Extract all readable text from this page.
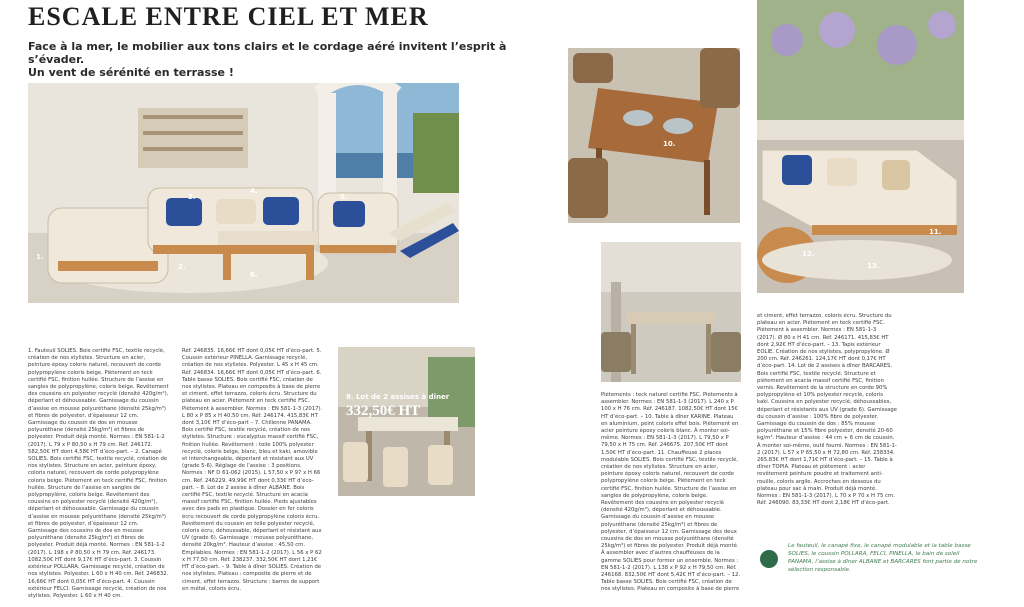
ESCALE ENTRE CIEL ET MER

Face à la mer, le mobilier aux tons clairs et le cordage aéré invitent l’esprit à s’évader.

Un vent de sérénité en terrasse !

1.
2.
3.
4.
5.
6.
8. Lot de 2 assises à dîner
332,50€ HT
10.
11.
12.
13.

1. Fauteuil SOLIES. Bois certifié FSC, textile recyclé, création de nos stylistes. Structure en acier, peinture époxy coloris naturel, recouvert de corde polypropylène coloris beige. Piètement en teck certifié FSC, finition huilée. Structure de l’assise en sangles de polypropylène, coloris beige. Revêtement des coussins en polyester recyclé (densité 420g/m²), déperlant et déhoussable. Garnissage du coussin d’assise en mousse polyuréthane (densité 25kg/m³) et fibres de polyester, d’épaisseur 12 cm. Garnissage du coussin de dos en mousse polyuréthane (densité 25kg/m³) et fibres de polyester. Produit déjà monté. Normes : EN 581-1-2 (2017). L 79 x P 80,50 x H 79 cm. Réf. 246172. 582,50€ HT dont 4,58€ HT d’éco-part. – 2. Canapé SOLIES. Bois certifié FSC, textile recyclé, création de nos stylistes. Structure en acier, peinture époxy, coloris naturel, recouvert de corde polypropylène coloris beige. Piètement en teck certifié FSC, finition huilée. Structure de l’assise en sangles de polypropylène, coloris beige. Revêtement des coussins en polyester recyclé (densité 420g/m²), déperlant et déhoussable. Garnissage du coussin d’assise en mousse polyuréthane (densité 25kg/m³) et fibres de polyester, d’épaisseur 12 cm. Garnissage des coussins de dos en mousse polyuréthane (densité 25kg/m³) et fibres de polyester. Produit déjà monté. Normes : EN 581-1-2 (2017). L 198 x P 80,50 x H 79 cm. Réf. 246173. 1082,50€ HT dont 9,17€ HT d’éco-part. 3. Coussin extérieur POLLARA. Garnissage recyclé, création de nos stylistes. Polyester. L 60 x H 40 cm. Réf. 246832. 16,66€ HT dont 0,05€ HT d’éco-part. 4. Coussin extérieur FELCI. Garnissage recyclé, création de nos stylistes. Polyester. L 60 x H 40 cm.

Réf. 246835. 16,66€ HT dont 0,05€ HT d’éco-part. 5. Coussin extérieur PINELLA. Garnissage recyclé, création de nos stylistes. Polyester. L 45 x H 45 cm. Réf. 246834. 16,66€ HT dont 0,05€ HT d’éco-part. 6. Table basse SOLIES. Bois certifié FSC, création de nos stylistes. Plateau en composite à base de pierre et ciment, effet terrazzo, coloris écru. Structure du plateau en acier. Piètement en teck certifié FSC. Piètement à assembler. Normes : EN 581-1-3 (2017). L 80 x P 85 x H 40,50 cm. Réf. 246174. 415,83€ HT dont 3,10€ HT d’éco-part – 7. Chilienne PANAMA. Bois certifié FSC, textile recyclé, création de nos stylistes. Structure : eucalyptus massif certifié FSC, finition huilée. Revêtement : toile 100% polyester recyclé, coloris beige, blanc, bleu et kaki, amovible et interchangeable, déperlant et résistant aux UV (grade 5-6). Réglage de l’assise : 3 positions. Normes : NF D 61-062 (2015). L 57,50 x P 97 x H 66 cm. Réf. 246229. 49,99€ HT dont 0,33€ HT d’éco-part. – 8. Lot de 2 assise à dîner ALBANE. Bois certifié FSC, textile recyclé. Structure en acacia massif certifié FSC, finition huilée. Pieds ajustables avec des pads en plastique. Dossier en fer coloris écru recouvert de corde polypropylène coloris écru. Revêtement du coussin en toile polyester recyclé, coloris écru, déhoussable, déperlant et résistant aux UV (grade 6). Garnissage : mousse polyuréthane, densité 20kg/m³. Hauteur d’assise : 45,50 cm. Empilables. Normes : EN 581-1-2 (2017). L 56 x P 62 x H 77,50 cm. Réf. 238237. 332,50€ HT dont 1,21€ HT d’éco-part. – 9. Table à dîner SOLIES. Création de nos stylistes. Plateau : composite de pierre et de ciment, effet terrazzo. Structure : barres de support en métal, coloris écru.

Piètements : teck naturel certifié FSC. Piètements à assembler. Normes : EN 581-1-3 (2017). L 240 x P 100 x H 76 cm. Réf. 246187. 1082,50€ HT dont 15€ HT d’éco-part. – 10. Table à dîner KARINE. Plateau en aluminium, peint coloris effet bois. Piètement en acier peinture époxy coloris blanc. À monter soi-même. Normes : EN 581-1-3 (2017). L 79,50 x P 79,50 x H 75 cm. Réf. 246675. 207,50€ HT dont 1,50€ HT d’éco-part. 11. Chauffeuse 2 places modulable SOLIES. Bois certifié FSC, textile recyclé, création de nos stylistes. Structure en acier, peinture époxy coloris naturel, recouvert de corde polypropylène coloris beige. Piètement en teck certifié FSC, finition huilée. Structure de l’assise en sangles de polypropylène, coloris beige. Revêtement des coussins en polyester recyclé (densité 420g/m²), déperlant et déhoussable. Garnissage du coussin d’assise en mousse polyuréthane (densité 25kg/m³) et fibres de polyester, d’épaisseur 12 cm. Garnissage des deux coussins de dos en mousse polyuréthane (densité 25kg/m³) et fibres de polyester. Produit déjà monté. À assembler avec d’autres chauffeuses de la gamme SOLIES pour former un ensemble. Normes : EN 581-1-2 (2017). L 138 x P 92 x H 79,50 cm. Réf. 246168. 832,50€ HT dont 5,42€ HT d’éco-part. – 12. Table basse SOLIES. Bois certifié FSC, création de nos stylistes. Plateau en composite à base de pierre

et ciment, effet terrazzo, coloris écru. Structure du plateau en acier. Piètement en teck certifié FSC. Piètement à assembler. Normes : EN 581-1-3 (2017). Ø 80 x H 41 cm. Réf. 246171. 415,83€ HT dont 2,92€ HT d’éco-part. – 13. Tapis extérieur EOLIE. Création de nos stylistes, polypropylène. Ø 200 cm. Réf. 246261. 124,17€ HT dont 0,17€ HT d’éco-part. 14. Lot de 2 assises à dîner BARCARES. Bois certifié FSC, textile recyclé. Structure et piètement en acacia massif certifié FSC, finition vernis. Revêtement de la structure en corde 90% polypropylène et 10% polyester recyclé, coloris kaki. Coussins en polyester recyclé, déhoussables, déperlant et résistants aux UV (grade 6). Garnissage du coussin d’assise : 100% fibre de polyester. Garnissage du coussin de dos : 85% mousse polyuréthane et 15% fibre polyester, densité 20-60 kg/m³. Hauteur d’assise : 44 cm + 6 cm de coussin. À monter soi-même, outil fourni. Normes : EN 581-1-2 (2017). L 57 x P 65,50 x H 72,80 cm. Réf. 238334. 265,83€ HT dont 1,71€ HT d’éco-part. – 15. Table à dîner TOPIA. Plateau et piètement : acier revêtement peinture poudre et traitement anti-rouille, coloris argile. Accroches en dessous du plateau pour sac à main. Produit déjà monté. Normes : EN 581-1-3 (2017). L 70 x P 70 x H 75 cm. Réf. 246090. 83,33€ HT dont 2,18€ HT d’éco-part.

Le fauteuil, le canapé fixe, le canapé modulable et la table basse SOLIES, le coussin POLLARA, FELCI, PINELLA, le bain de soleil PANAMA, l’assise à dîner ALBANE et BARCARES font partie de notre sélection responsable.
